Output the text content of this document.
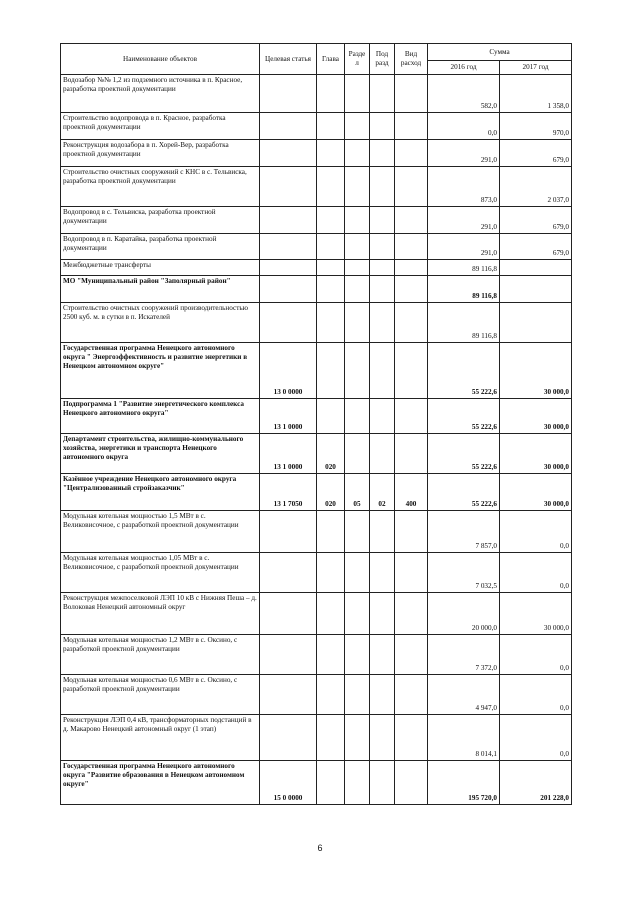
Наименование объектов	Целевая статья	Глава	Разде л	Под разд	Вид расход	Сумма	
						2016 год	2017 год
Водозабор №№ 1,2 из подземного источника в п. Красное, разработка проектной документации						582,0	1 358,0
Строительство водопровода в п. Красное, разработка проектной документации						0,0	970,0
Реконструкция водозабора в п. Хорей-Вер, разработка проектной документации						291,0	679,0
Строительство очистных сооружений с КНС в с. Тельвиска, разработка проектной документации						873,0	2 037,0
Водопровод в с. Тельвиска, разработка проектной документации						291,0	679,0
Водопровод в п. Каратайка, разработка проектной документации						291,0	679,0
Межбюджетные трансферты						89 116,8	
МО "Муниципальный район "Заполярный район"						89 116,8	
Строительство очистных сооружений производительностью 2500 куб. м. в сутки в п. Искателей						89 116,8	
Государственная программа Ненецкого автономного округа " Энергоэффективность и развитие энергетики в Ненецком автономном округе"	13 0 0000					55 222,6	30 000,0
Подпрограмма 1 "Развитие энергетического комплекса Ненецкого автономного округа"	13 1 0000					55 222,6	30 000,0
Департамент строительства, жилищно-коммунального хозяйства, энергетики и транспорта Ненецкого автономного округа	13 1 0000	020				55 222,6	30 000,0
Казённое учреждение Ненецкого автономного округа "Централизованный стройзаказчик"	13 1 7050	020	05	02	400	55 222,6	30 000,0
Модульная котельная мощностью 1,5 МВт в с. Великовисочное, с разработкой проектной документации						7 857,0	0,0
Модульная котельная мощностью 1,05 МВт в с. Великовисочное, с разработкой проектной документации						7 032,5	0,0
Реконструкция межпоселковой ЛЭП 10 кВ с Нижняя Пеша – д. Волоковая Ненецкий автономный округ						20 000,0	30 000,0
Модульная котельная мощностью 1,2 МВт в с. Оксино, с разработкой проектной документации						7 372,0	0,0
Модульная котельная мощностью 0,6 МВт в с. Оксино, с разработкой проектной документации						4 947,0	0,0
Реконструкция ЛЭП 0,4 кВ, трансформаторных подстанций в д. Макарово Ненецкий автономный округ (1 этап)						8 014,1	0,0
Государственная программа Ненецкого автономного округа "Развитие образования в Ненецком автономном округе"	15 0 0000					195 720,0	201 228,0
6
